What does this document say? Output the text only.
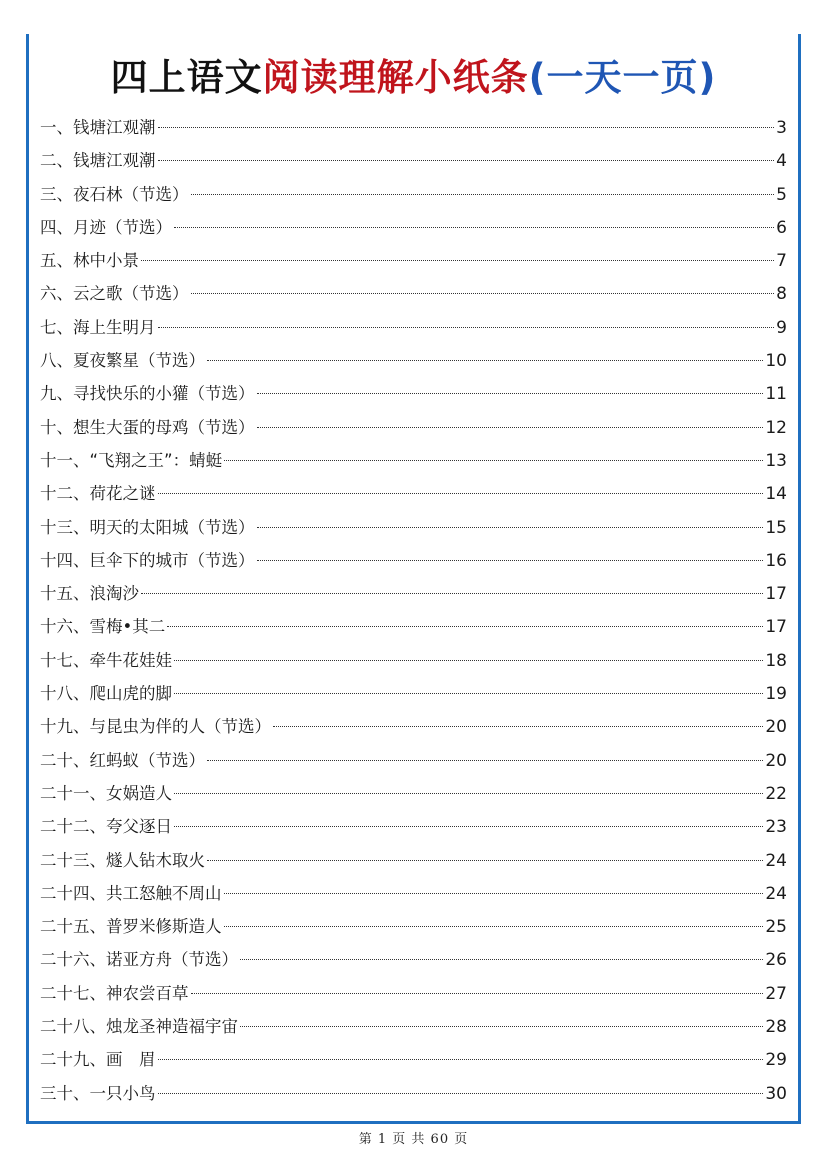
四上语文阅读理解小纸条(一天一页)
一、钱塘江观潮	3
二、钱塘江观潮	4
三、夜石林（节选）	5
四、月迹（节选）	6
五、林中小景	7
六、云之歌（节选）	8
七、海上生明月	9
八、夏夜繁星（节选）	10
九、寻找快乐的小獾（节选）	11
十、想生大蛋的母鸡（节选）	12
十一、“飞翔之王”：蜻蜓	13
十二、荷花之谜	14
十三、明天的太阳城（节选）	15
十四、巨伞下的城市（节选）	16
十五、浪淘沙	17
十六、雪梅•其二	17
十七、牵牛花娃娃	18
十八、爬山虎的脚	19
十九、与昆虫为伴的人（节选）	20
二十、红蚂蚁（节选）	20
二十一、女娲造人	22
二十二、夸父逐日	23
二十三、燧人钻木取火	24
二十四、共工怒触不周山	24
二十五、普罗米修斯造人	25
二十六、诺亚方舟（节选）	26
二十七、神农尝百草	27
二十八、烛龙圣神造福宇宙	28
二十九、画　眉	29
三十、一只小鸟	30
第 1 页 共 60 页
